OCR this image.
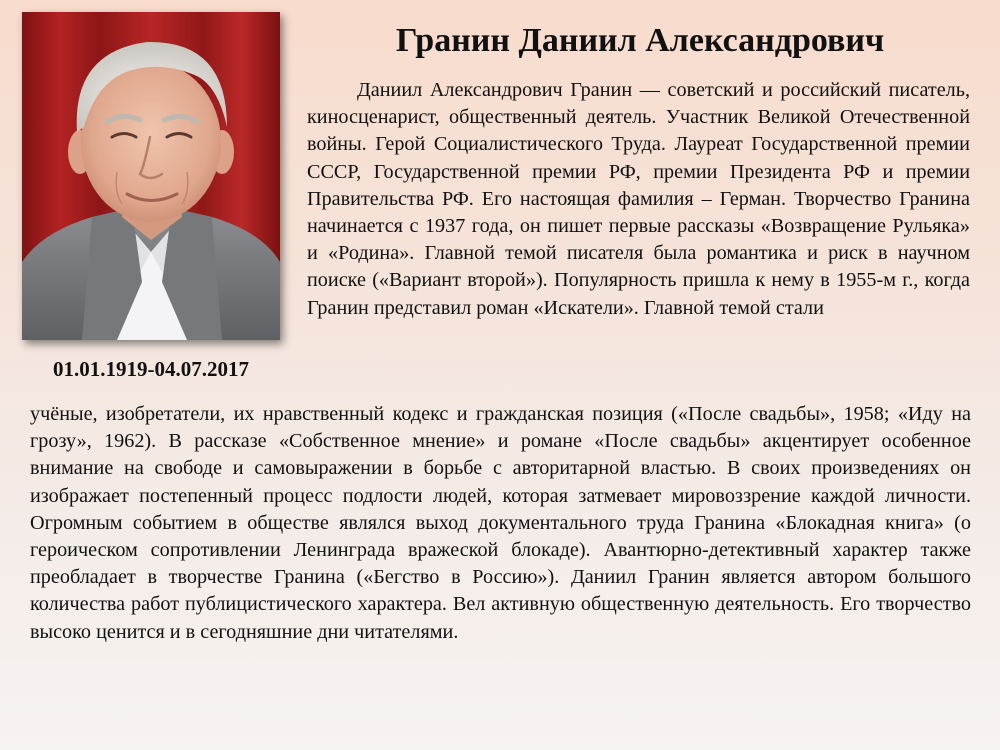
01.01.1919-04.07.2017
Гранин Даниил Александрович

Даниил Александрович Гранин — советский и российский писатель, киносценарист, общественный деятель. Участник Великой Отечественной войны. Герой Социалистического Труда. Лауреат Государственной премии СССР, Государственной премии РФ, премии Президента РФ и премии Правительства РФ. Его настоящая фамилия – Герман. Творчество Гранина начинается с 1937 года, он пишет первые рассказы «Возвращение Рульяка» и «Родина». Главной темой писателя была романтика и риск в научном поиске («Вариант второй»). Популярность пришла к нему в 1955-м г., когда Гранин представил роман «Искатели». Главной темой стали

учёные, изобретатели, их нравственный кодекс и гражданская позиция («После свадьбы», 1958; «Иду на грозу», 1962). В рассказе «Собственное мнение» и романе «После свадьбы» акцентирует особенное внимание на свободе и самовыражении в борьбе с авторитарной властью. В своих произведениях он изображает постепенный процесс подлости людей, которая затмевает мировоззрение каждой личности. Огромным событием в обществе являлся выход документального труда Гранина «Блокадная книга» (о героическом сопротивлении Ленинграда вражеской блокаде). Авантюрно-детективный характер также преобладает в творчестве Гранина («Бегство в Россию»). Даниил Гранин является автором большого количества работ публицистического характера. Вел активную общественную деятельность. Его творчество высоко ценится и в сегодняшние дни читателями.
